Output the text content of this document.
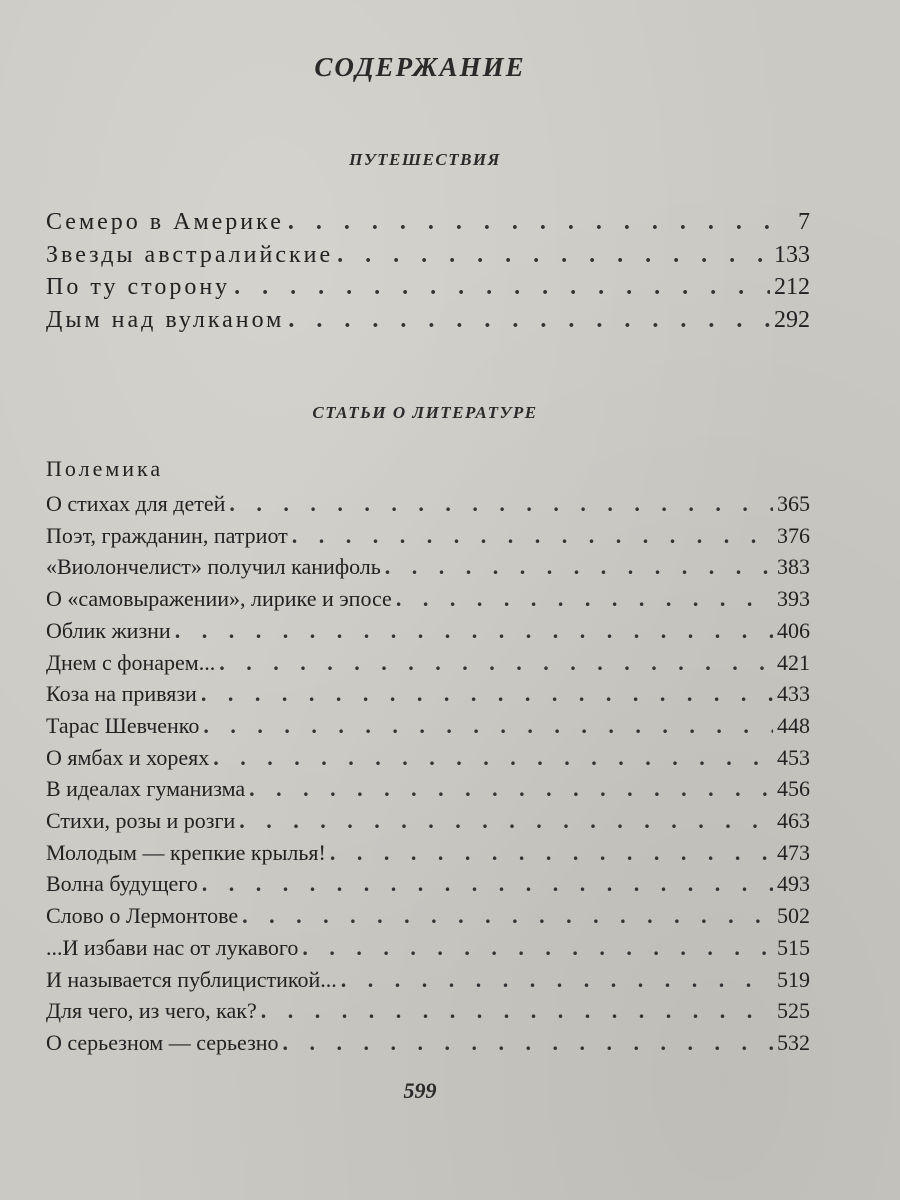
СОДЕРЖАНИЕ
ПУТЕШЕСТВИЯ
Семеро в Америке . . .	7
Звезды австралийские . . .	133
По ту сторону . . .	212
Дым над вулканом . . .	292
СТАТЬИ О ЛИТЕРАТУРЕ
Полемика
О стихах для детей . . .	365
Поэт, гражданин, патриот . . .	376
«Виолончелист» получил канифоль . . .	383
О «самовыражении», лирике и эпосе . . .	393
Облик жизни . . .	406
Днем с фонарем... . . .	421
Коза на привязи . . .	433
Тарас Шевченко . . .	448
О ямбах и хореях . . .	453
В идеалах гуманизма . . .	456
Стихи, розы и розги . . .	463
Молодым — крепкие крылья! . . .	473
Волна будущего . . .	493
Слово о Лермонтове . . .	502
...И избави нас от лукавого . . .	515
И называется публицистикой... . . .	519
Для чего, из чего, как? . . .	525
О серьезном — серьезно . . .	532
599
